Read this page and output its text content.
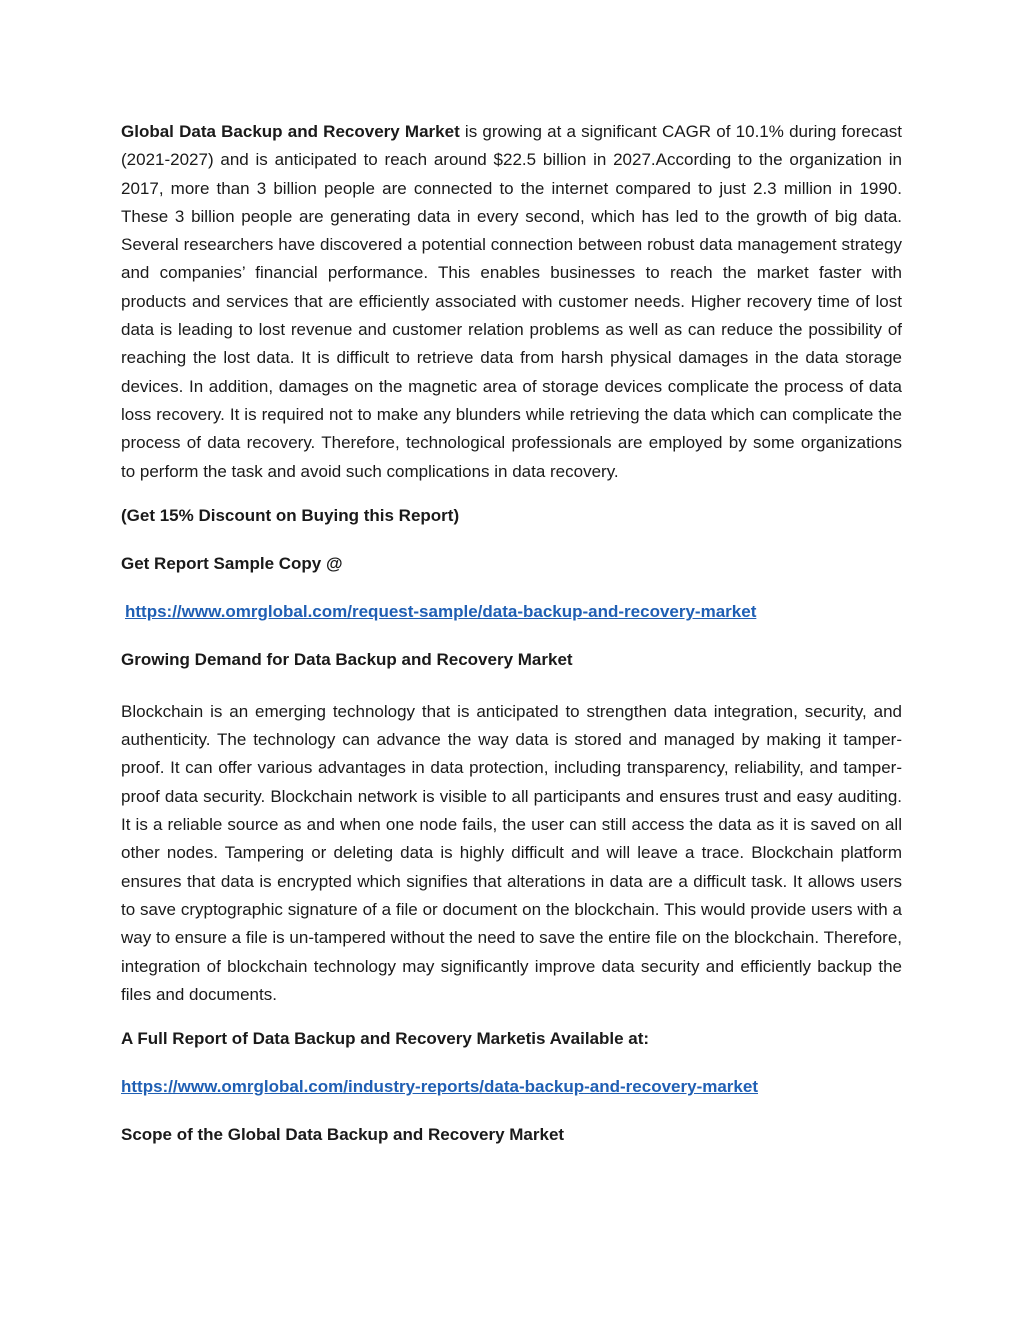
Global Data Backup and Recovery Market is growing at a significant CAGR of 10.1% during forecast (2021-2027) and is anticipated to reach around $22.5 billion in 2027.According to the organization in 2017, more than 3 billion people are connected to the internet compared to just 2.3 million in 1990. These 3 billion people are generating data in every second, which has led to the growth of big data. Several researchers have discovered a potential connection between robust data management strategy and companies’ financial performance. This enables businesses to reach the market faster with products and services that are efficiently associated with customer needs. Higher recovery time of lost data is leading to lost revenue and customer relation problems as well as can reduce the possibility of reaching the lost data. It is difficult to retrieve data from harsh physical damages in the data storage devices. In addition, damages on the magnetic area of storage devices complicate the process of data loss recovery. It is required not to make any blunders while retrieving the data which can complicate the process of data recovery. Therefore, technological professionals are employed by some organizations to perform the task and avoid such complications in data recovery.

(Get 15% Discount on Buying this Report)

Get Report Sample Copy @

https://www.omrglobal.com/request-sample/data-backup-and-recovery-market

Growing Demand for Data Backup and Recovery Market

Blockchain is an emerging technology that is anticipated to strengthen data integration, security, and authenticity. The technology can advance the way data is stored and managed by making it tamper-proof. It can offer various advantages in data protection, including transparency, reliability, and tamper-proof data security. Blockchain network is visible to all participants and ensures trust and easy auditing. It is a reliable source as and when one node fails, the user can still access the data as it is saved on all other nodes. Tampering or deleting data is highly difficult and will leave a trace. Blockchain platform ensures that data is encrypted which signifies that alterations in data are a difficult task. It allows users to save cryptographic signature of a file or document on the blockchain. This would provide users with a way to ensure a file is un-tampered without the need to save the entire file on the blockchain. Therefore, integration of blockchain technology may significantly improve data security and efficiently backup the files and documents.

A Full Report of Data Backup and Recovery Marketis Available at:

https://www.omrglobal.com/industry-reports/data-backup-and-recovery-market

Scope of the Global Data Backup and Recovery Market
